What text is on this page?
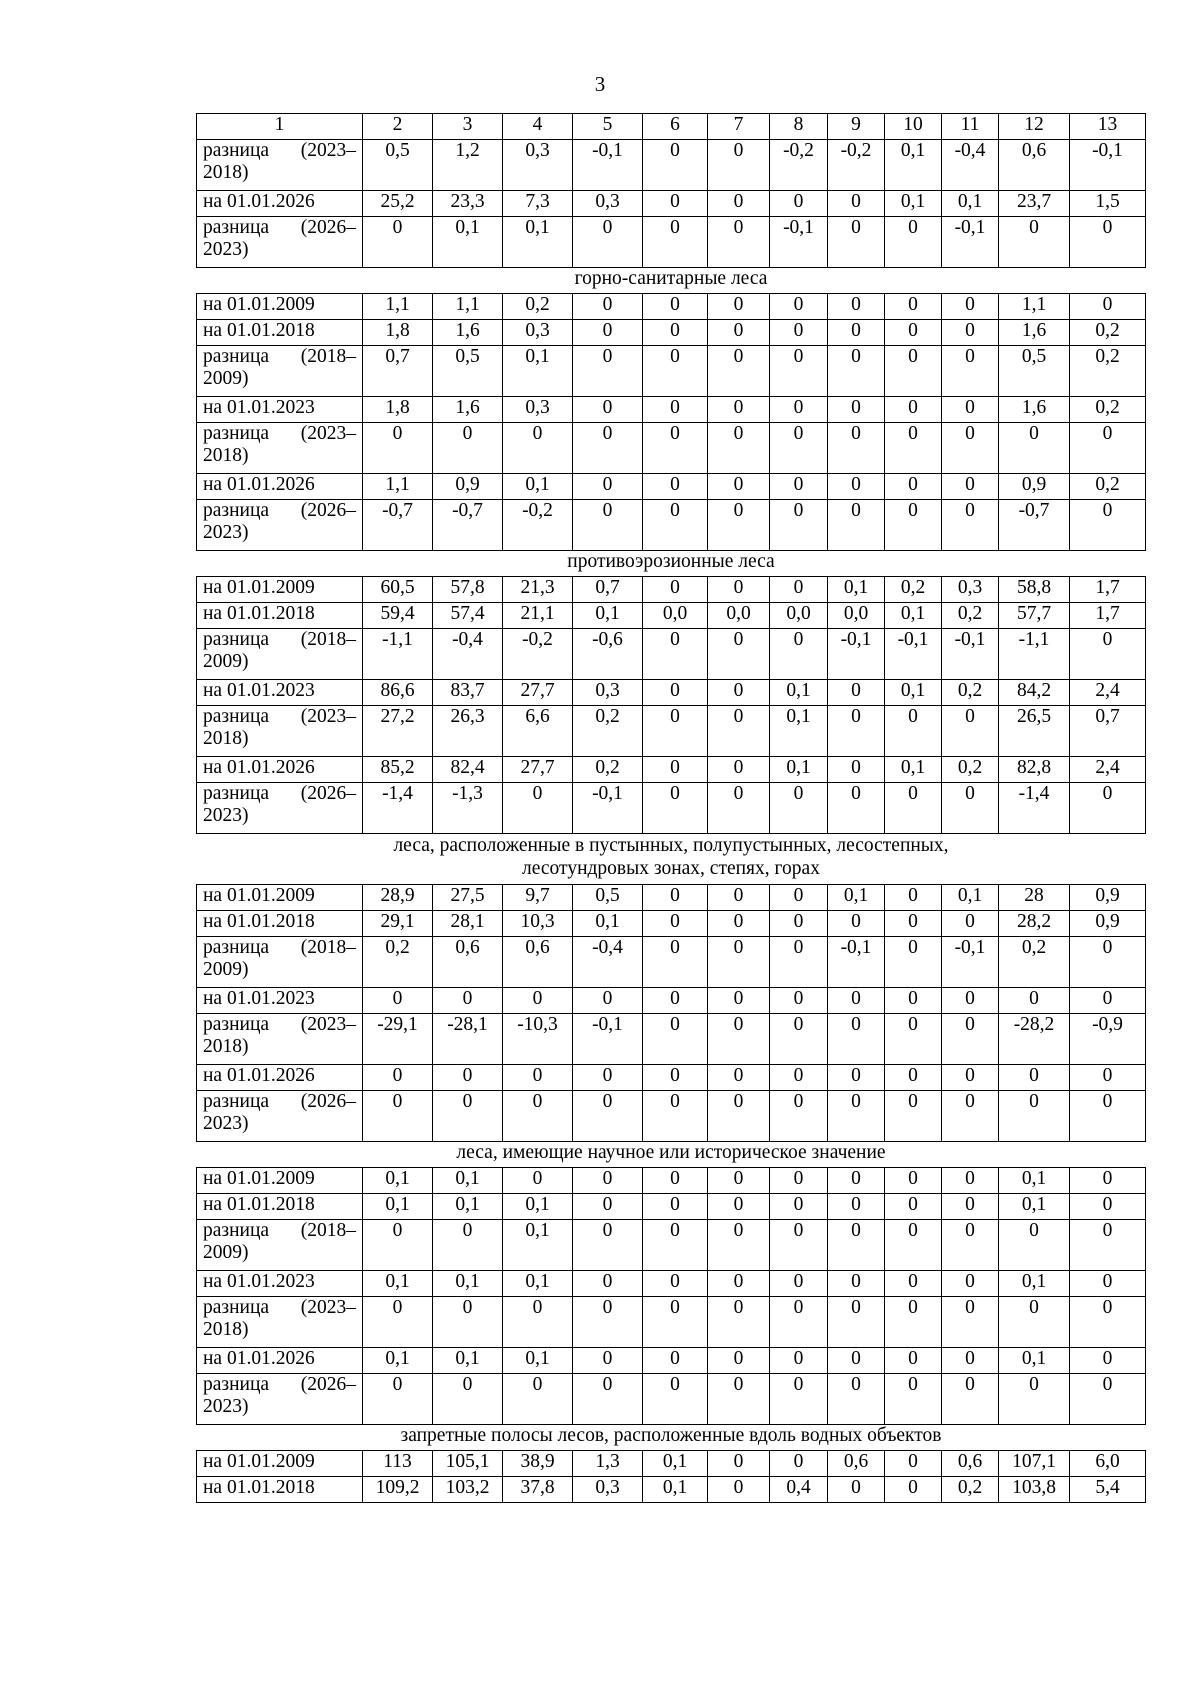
3
1	2	3	4	5	6	7	8	9	10	11	12	13
разница (2023–2018)	0,5	1,2	0,3	-0,1	0	0	-0,2	-0,2	0,1	-0,4	0,6	-0,1
на 01.01.2026	25,2	23,3	7,3	0,3	0	0	0	0	0,1	0,1	23,7	1,5
разница (2026–2023)	0	0,1	0,1	0	0	0	-0,1	0	0	-0,1	0	0
горно-санитарные леса												
на 01.01.2009	1,1	1,1	0,2	0	0	0	0	0	0	0	1,1	0
на 01.01.2018	1,8	1,6	0,3	0	0	0	0	0	0	0	1,6	0,2
разница (2018–2009)	0,7	0,5	0,1	0	0	0	0	0	0	0	0,5	0,2
на 01.01.2023	1,8	1,6	0,3	0	0	0	0	0	0	0	1,6	0,2
разница (2023–2018)	0	0	0	0	0	0	0	0	0	0	0	0
на 01.01.2026	1,1	0,9	0,1	0	0	0	0	0	0	0	0,9	0,2
разница (2026–2023)	-0,7	-0,7	-0,2	0	0	0	0	0	0	0	-0,7	0
противоэрозионные леса												
на 01.01.2009	60,5	57,8	21,3	0,7	0	0	0	0,1	0,2	0,3	58,8	1,7
на 01.01.2018	59,4	57,4	21,1	0,1	0,0	0,0	0,0	0,0	0,1	0,2	57,7	1,7
разница (2018–2009)	-1,1	-0,4	-0,2	-0,6	0	0	0	-0,1	-0,1	-0,1	-1,1	0
на 01.01.2023	86,6	83,7	27,7	0,3	0	0	0,1	0	0,1	0,2	84,2	2,4
разница (2023–2018)	27,2	26,3	6,6	0,2	0	0	0,1	0	0	0	26,5	0,7
на 01.01.2026	85,2	82,4	27,7	0,2	0	0	0,1	0	0,1	0,2	82,8	2,4
разница (2026–2023)	-1,4	-1,3	0	-0,1	0	0	0	0	0	0	-1,4	0
леса, расположенные в пустынных, полупустынных, лесостепных,
лесотундровых зонах, степях, горах												
на 01.01.2009	28,9	27,5	9,7	0,5	0	0	0	0,1	0	0,1	28	0,9
на 01.01.2018	29,1	28,1	10,3	0,1	0	0	0	0	0	0	28,2	0,9
разница (2018–2009)	0,2	0,6	0,6	-0,4	0	0	0	-0,1	0	-0,1	0,2	0
на 01.01.2023	0	0	0	0	0	0	0	0	0	0	0	0
разница (2023–2018)	-29,1	-28,1	-10,3	-0,1	0	0	0	0	0	0	-28,2	-0,9
на 01.01.2026	0	0	0	0	0	0	0	0	0	0	0	0
разница (2026–2023)	0	0	0	0	0	0	0	0	0	0	0	0
леса, имеющие научное или историческое значение												
на 01.01.2009	0,1	0,1	0	0	0	0	0	0	0	0	0,1	0
на 01.01.2018	0,1	0,1	0,1	0	0	0	0	0	0	0	0,1	0
разница (2018–2009)	0	0	0,1	0	0	0	0	0	0	0	0	0
на 01.01.2023	0,1	0,1	0,1	0	0	0	0	0	0	0	0,1	0
разница (2023–2018)	0	0	0	0	0	0	0	0	0	0	0	0
на 01.01.2026	0,1	0,1	0,1	0	0	0	0	0	0	0	0,1	0
разница (2026–2023)	0	0	0	0	0	0	0	0	0	0	0	0
запретные полосы лесов, расположенные вдоль водных объектов												
на 01.01.2009	113	105,1	38,9	1,3	0,1	0	0	0,6	0	0,6	107,1	6,0
на 01.01.2018	109,2	103,2	37,8	0,3	0,1	0	0,4	0	0	0,2	103,8	5,4
